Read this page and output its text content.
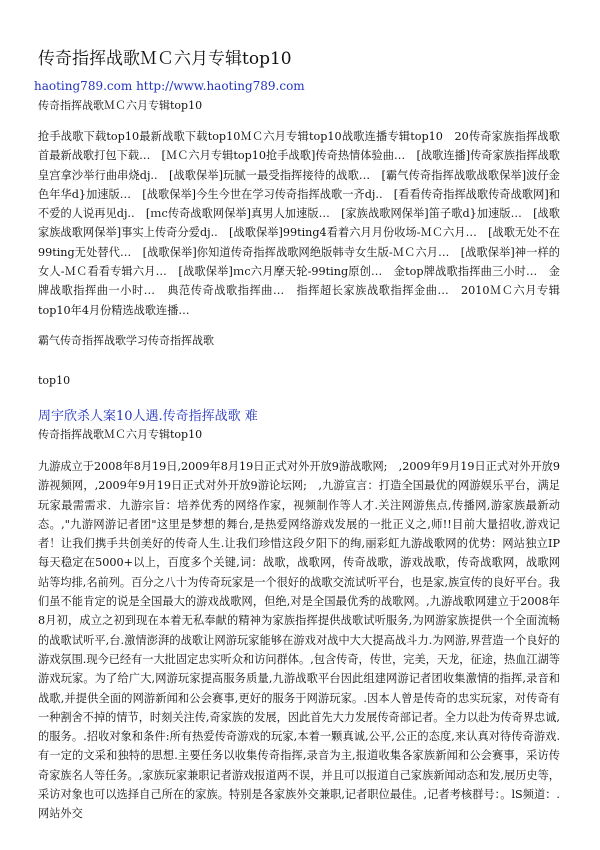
传奇指挥战歌ＭＣ六月专辑top10
haoting789.com http://www.haoting789.com
传奇指挥战歌ＭＣ六月专辑top10
抢手战歌下载top10最新战歌下载top10ＭＣ六月专辑top10战歌连播专辑top10　20传奇家族指挥战歌首最新战歌打包下载…　[ＭＣ六月专辑top10抢手战歌]传奇热情体验曲…　[战歌连播]传奇家族指挥战歌皇宫拿沙举行曲串烧dj..　[战歌保举]玩腻一最受指挥接待的战歌…　[霸气传奇指挥战歌战歌保举]波仔金色年华d}加速版…　[战歌保举]今生今世在学习传奇指挥战歌一齐dj..　[看看传奇指挥战歌传奇战歌网]和不爱的人说再见dj..　[ｍc传奇战歌网保举]真男人加速版…　[家族战歌网保举]笛子歌d}加速版…　[战歌家族战歌网保举]事实上传奇分爱dj..　[战歌保举]99ting4看着六月月份收场-ＭＣ六月…　[战歌无处不在99ting无处替代…　[战歌保举]你知道传奇指挥战歌网绝版韩寺女生版-ＭＣ六月…　[战歌保举]神一样的女人-ＭＣ看看专辑六月…　[战歌保举]ｍc六月摩天轮-99ting原创…　金top牌战歌指挥曲三小时…　金牌战歌指挥曲一小时…　典范传奇战歌指挥曲…　指挥超长家族战歌指挥金曲…　2010ＭＣ六月专辑top10年4月份精选战歌连播…
霸气传奇指挥战歌学习传奇指挥战歌
top10
周宇欣杀人案10人遇.传奇指挥战歌 难
传奇指挥战歌ＭＣ六月专辑top10
九游成立于2008年8月19日,2009年8月19日正式对外开放9游战歌网;　,2009年9月19日正式对外开放9游视频网，,2009年9月19日正式对外开放9游论坛网;　,九游宣言：打造全国最优的网游娱乐平台，满足玩家最需需求．九游宗旨：培养优秀的网络作家，视频制作等人才.关注网游焦点,传播网,游家族最新动态。,"九游网游记者团"这里是梦想的舞台,是热爱网络游戏发展的一批正义之,师!!目前大量招收,游戏记者！让我们携手共创美好的传奇人生.让我们珍惜这段夕阳下的绚,丽彩虹九游战歌网的优势：网站独立IP每天稳定在5000+以上，百度多个关键,词：战歌，战歌网，传奇战歌，游戏战歌，传奇战歌网，战歌网站等均排,名前列。百分之八十为传奇玩家是一个很好的战歌交流试听平台，也是家,族宣传的良好平台。我们虽不能肯定的说是全国最大的游戏战歌网，但绝,对是全国最优秀的战歌网。,九游战歌网建立于2008年8月初，成立之初到现在本着无私奉献的精神为家族指挥提供战歌试听服务,为网游家族提供一个全面流畅的战歌试听平,台.激情澎湃的战歌让网游玩家能够在游戏对战中大大提高战斗力.为网游,界营造一个良好的游戏氛围.现今已经有一大批固定忠实听众和访问群体。,包含传奇，传世，完美，天龙，征途，热血江湖等游戏玩家。为了给广大,网游玩家提高服务质量,九游战歌平台因此组建网游记者团收集激情的指挥,录音和战歌,并提供全面的网游新闻和公会赛事,更好的服务于网游玩家。.因本人曾是传奇的忠实玩家，对传奇有一种割舍不掉的情节，时刻关注传,奇家族的发展，因此首先大力发展传奇部记者。全力以赴为传奇界忠诚,的服务。.招收对象和条件:所有热爱传奇游戏的玩家,本着一颗真诚,公平,公正的态度,来认真对待传奇游戏.有一定的文采和独特的思想.主要任务以收集传奇指挥,录音为主,报道收集各家族新闻和公会赛事，采访传奇家族名人等任务。,家族玩家兼职记者游戏报道两不误，并且可以报道自己家族新闻动态和发,展历史等，采访对象也可以选择自己所在的家族。特别是各家族外交兼职,记者职位最佳。,记者考核群号：。lS频道：.　网站外交
